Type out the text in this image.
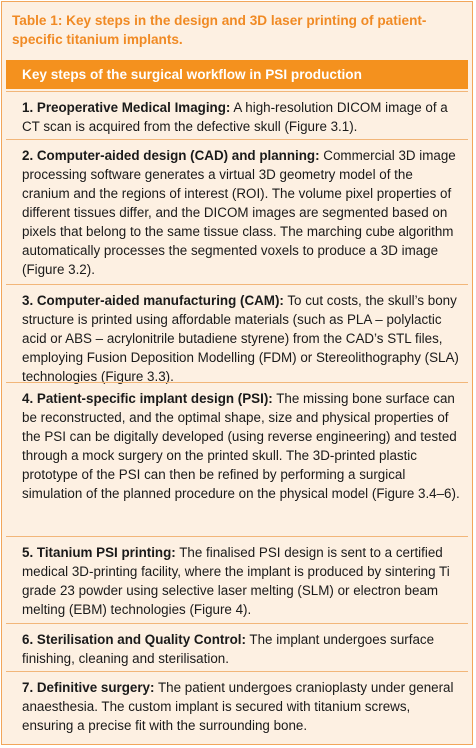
Table 1: Key steps in the design and 3D laser printing of patient-specific titanium implants.
Key steps of the surgical workflow in PSI production
1. Preoperative Medical Imaging: A high-resolution DICOM image of a CT scan is acquired from the defective skull (Figure 3.1).
2. Computer-aided design (CAD) and planning: Commercial 3D image processing software generates a virtual 3D geometry model of the cranium and the regions of interest (ROI). The volume pixel properties of different tissues differ, and the DICOM images are segmented based on pixels that belong to the same tissue class. The marching cube algorithm automatically processes the segmented voxels to produce a 3D image (Figure 3.2).
3. Computer-aided manufacturing (CAM): To cut costs, the skull’s bony structure is printed using affordable materials (such as PLA – polylactic acid or ABS – acrylonitrile butadiene styrene) from the CAD’s STL files, employing Fusion Deposition Modelling (FDM) or Stereolithography (SLA) technologies (Figure 3.3).
4. Patient-specific implant design (PSI): The missing bone surface can be reconstructed, and the optimal shape, size and physical properties of the PSI can be digitally developed (using reverse engineering) and tested through a mock surgery on the printed skull. The 3D-printed plastic prototype of the PSI can then be refined by performing a surgical simulation of the planned procedure on the physical model (Figure 3.4–6).
5. Titanium PSI printing: The finalised PSI design is sent to a certified medical 3D-printing facility, where the implant is produced by sintering Ti grade 23 powder using selective laser melting (SLM) or electron beam melting (EBM) technologies (Figure 4).
6. Sterilisation and Quality Control: The implant undergoes surface finishing, cleaning and sterilisation.
7. Definitive surgery: The patient undergoes cranioplasty under general anaesthesia. The custom implant is secured with titanium screws, ensuring a precise fit with the surrounding bone.
